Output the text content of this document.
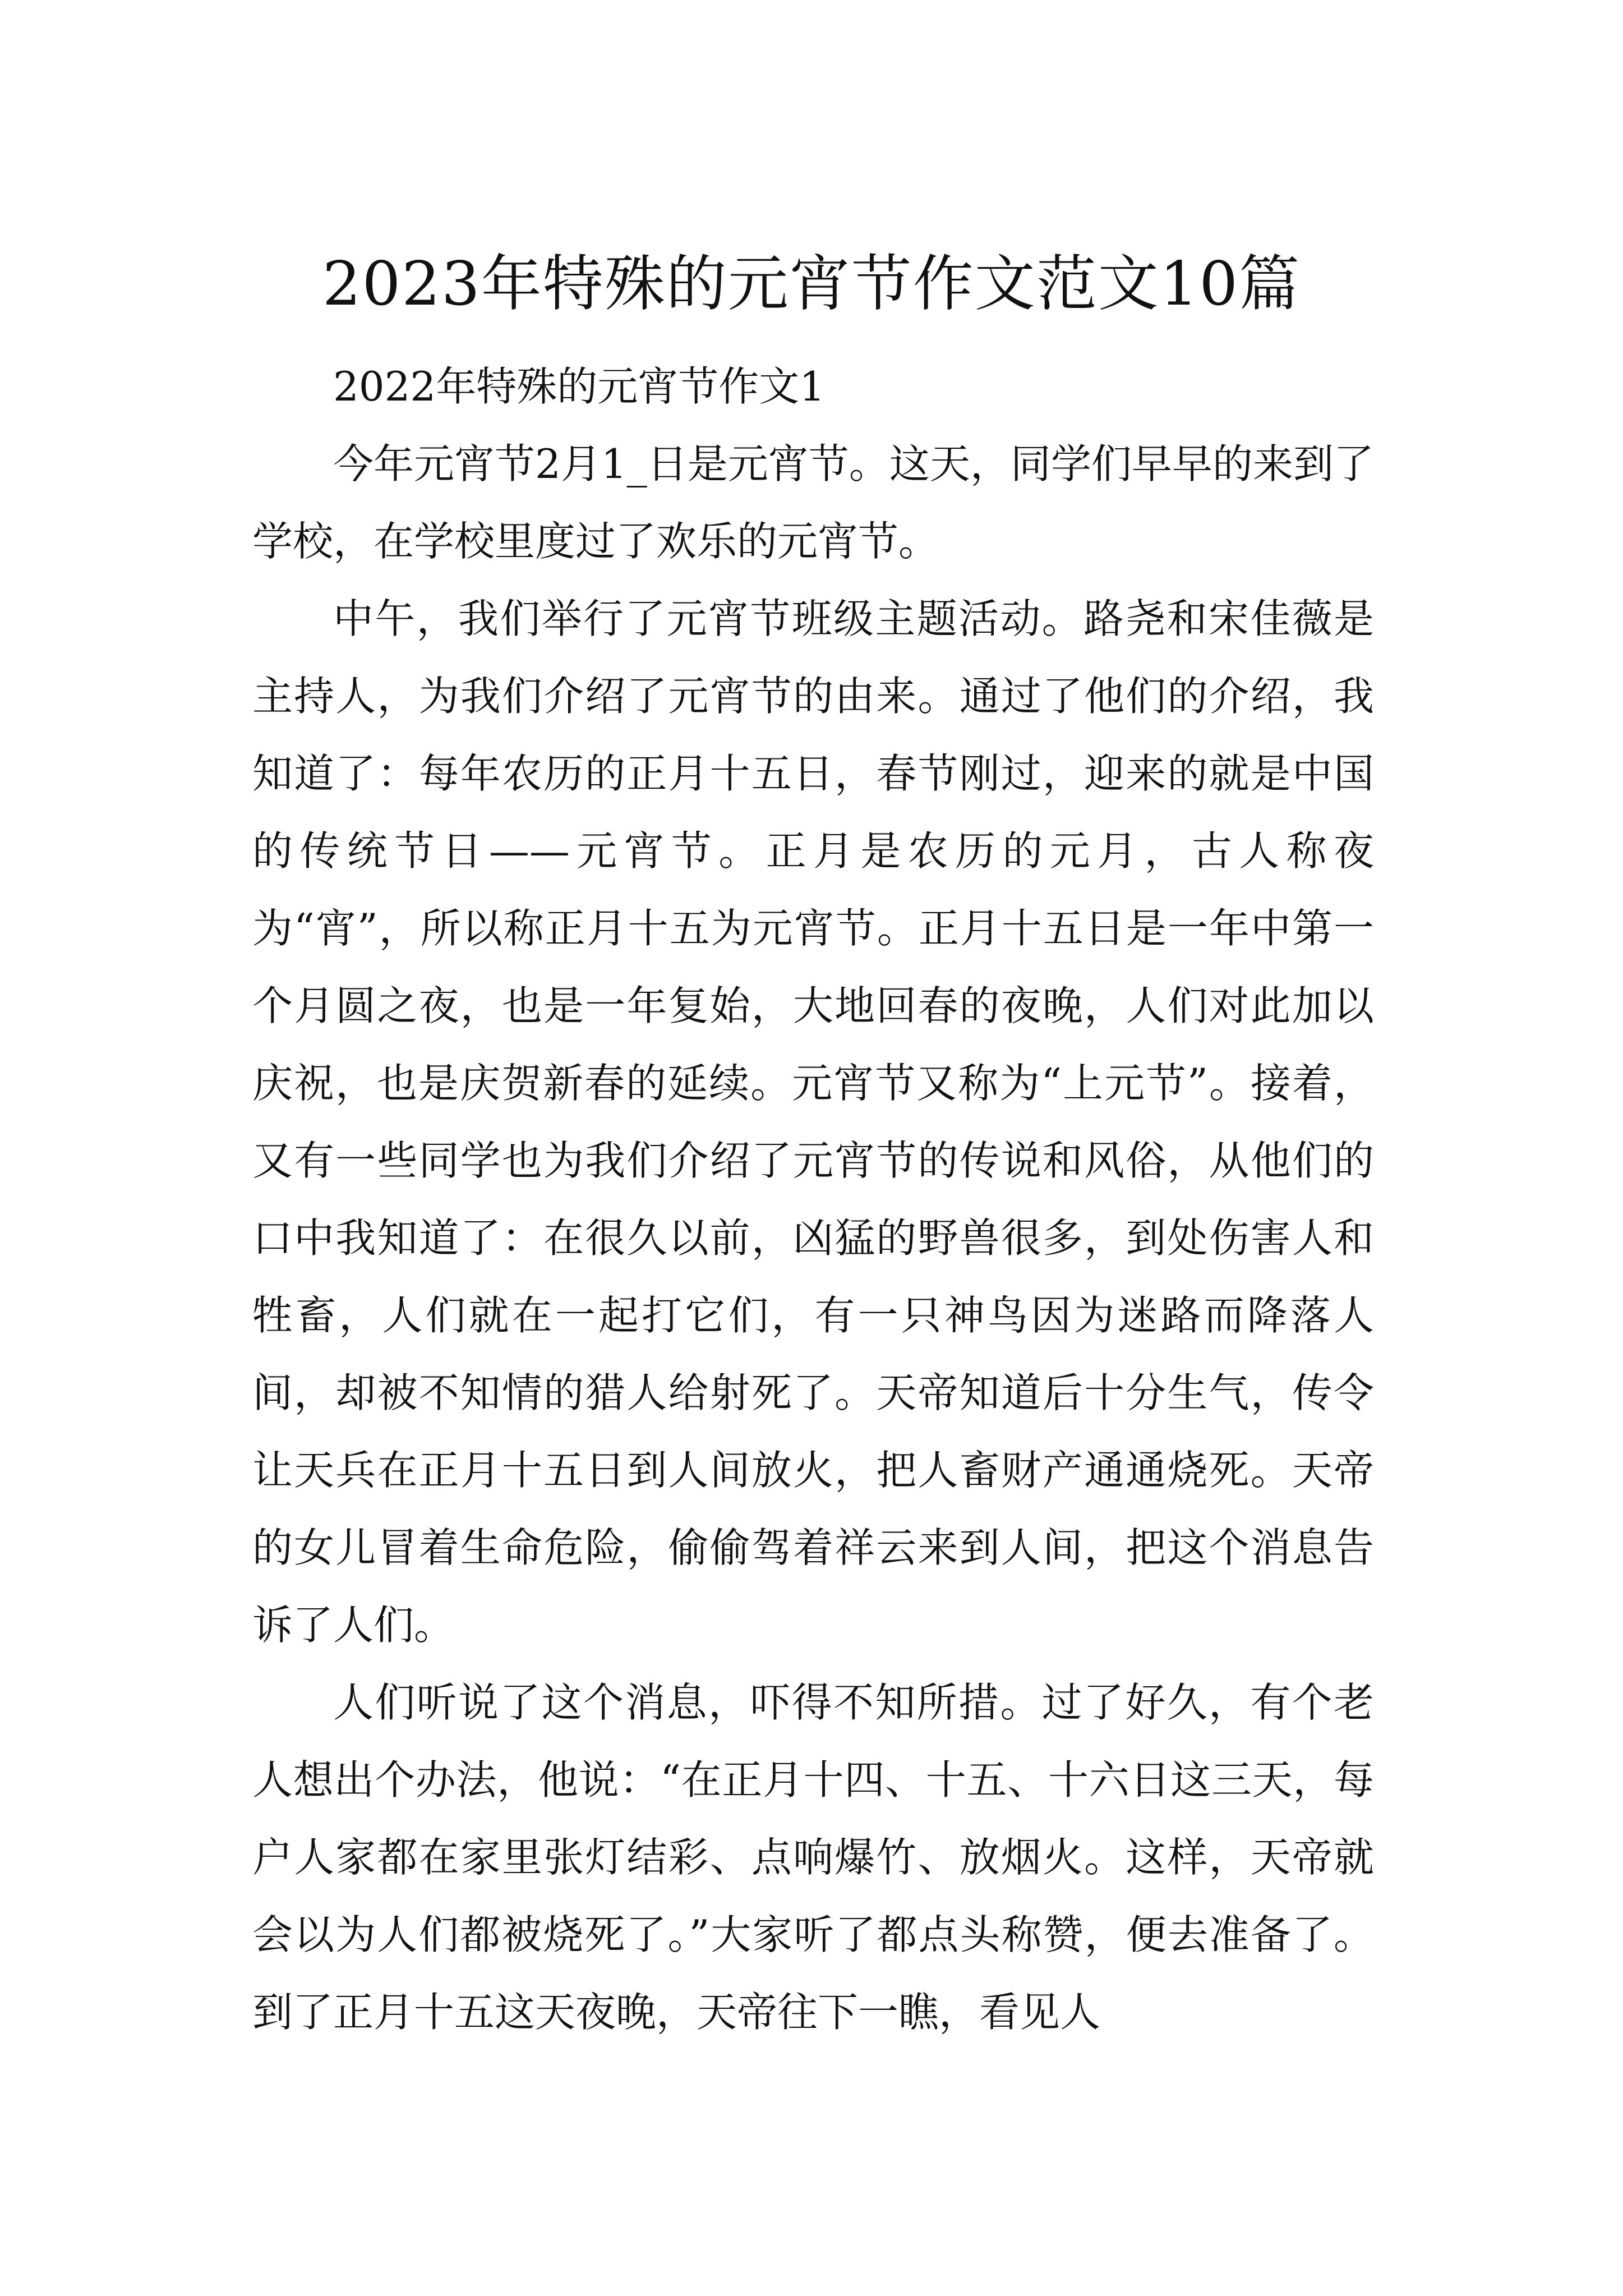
2023年特殊的元宵节作文范文10篇

2022年特殊的元宵节作文1

今年元宵节2月1_日是元宵节。这天，同学们早早的来到了学校，在学校里度过了欢乐的元宵节。

中午，我们举行了元宵节班级主题活动。路尧和宋佳薇是主持人，为我们介绍了元宵节的由来。通过了他们的介绍，我知道了：每年农历的正月十五日，春节刚过，迎来的就是中国的传统节日——元宵节。正月是农历的元月，古人称夜为“宵”，所以称正月十五为元宵节。正月十五日是一年中第一个月圆之夜，也是一年复始，大地回春的夜晚，人们对此加以庆祝，也是庆贺新春的延续。元宵节又称为“上元节”。接着，又有一些同学也为我们介绍了元宵节的传说和风俗，从他们的口中我知道了：在很久以前，凶猛的野兽很多，到处伤害人和牲畜，人们就在一起打它们，有一只神鸟因为迷路而降落人间，却被不知情的猎人给射死了。天帝知道后十分生气，传令让天兵在正月十五日到人间放火，把人畜财产通通烧死。天帝的女儿冒着生命危险，偷偷驾着祥云来到人间，把这个消息告诉了人们。

人们听说了这个消息，吓得不知所措。过了好久，有个老人想出个办法，他说：“在正月十四、十五、十六日这三天，每户人家都在家里张灯结彩、点响爆竹、放烟火。这样，天帝就会以为人们都被烧死了。”大家听了都点头称赞，便去准备了。到了正月十五这天夜晚，天帝往下一瞧，看见人
